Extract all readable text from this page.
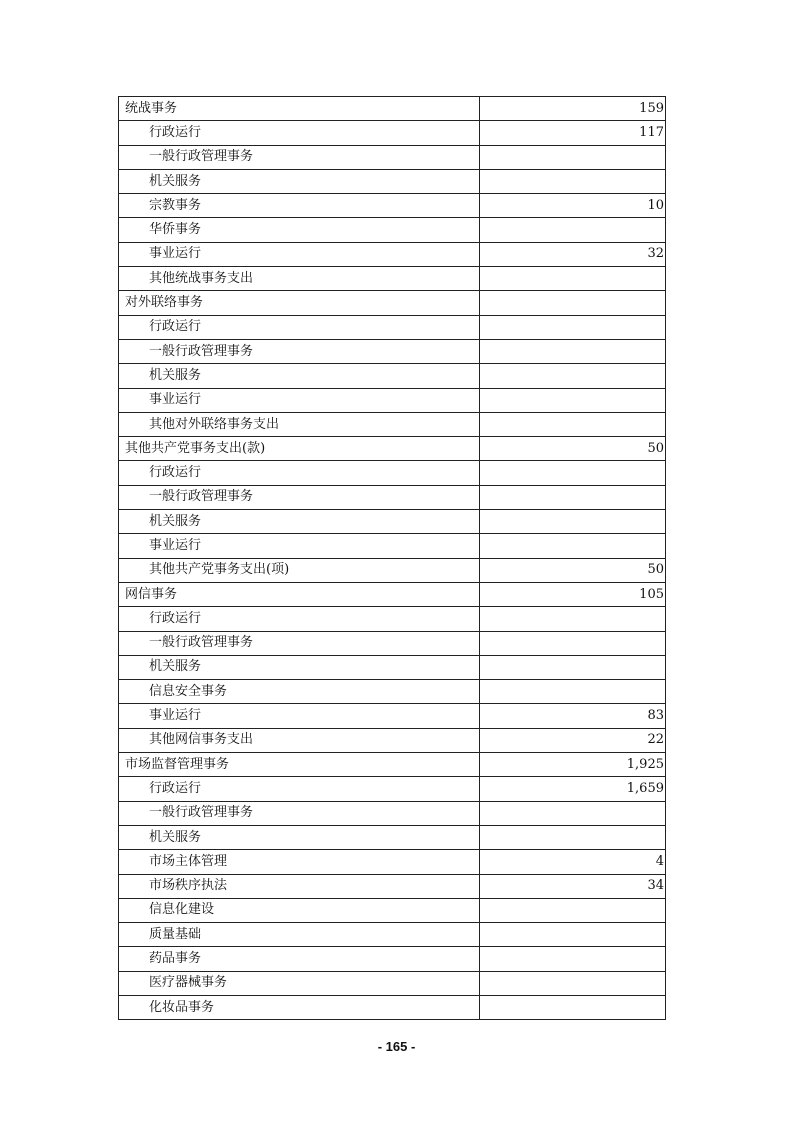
统战事务	159
行政运行	117
一般行政管理事务	
机关服务	
宗教事务	10
华侨事务	
事业运行	32
其他统战事务支出	
对外联络事务	
行政运行	
一般行政管理事务	
机关服务	
事业运行	
其他对外联络事务支出	
其他共产党事务支出(款)	50
行政运行	
一般行政管理事务	
机关服务	
事业运行	
其他共产党事务支出(项)	50
网信事务	105
行政运行	
一般行政管理事务	
机关服务	
信息安全事务	
事业运行	83
其他网信事务支出	22
市场监督管理事务	1,925
行政运行	1,659
一般行政管理事务	
机关服务	
市场主体管理	4
市场秩序执法	34
信息化建设	
质量基础	
药品事务	
医疗器械事务	
化妆品事务	
- 165 -
